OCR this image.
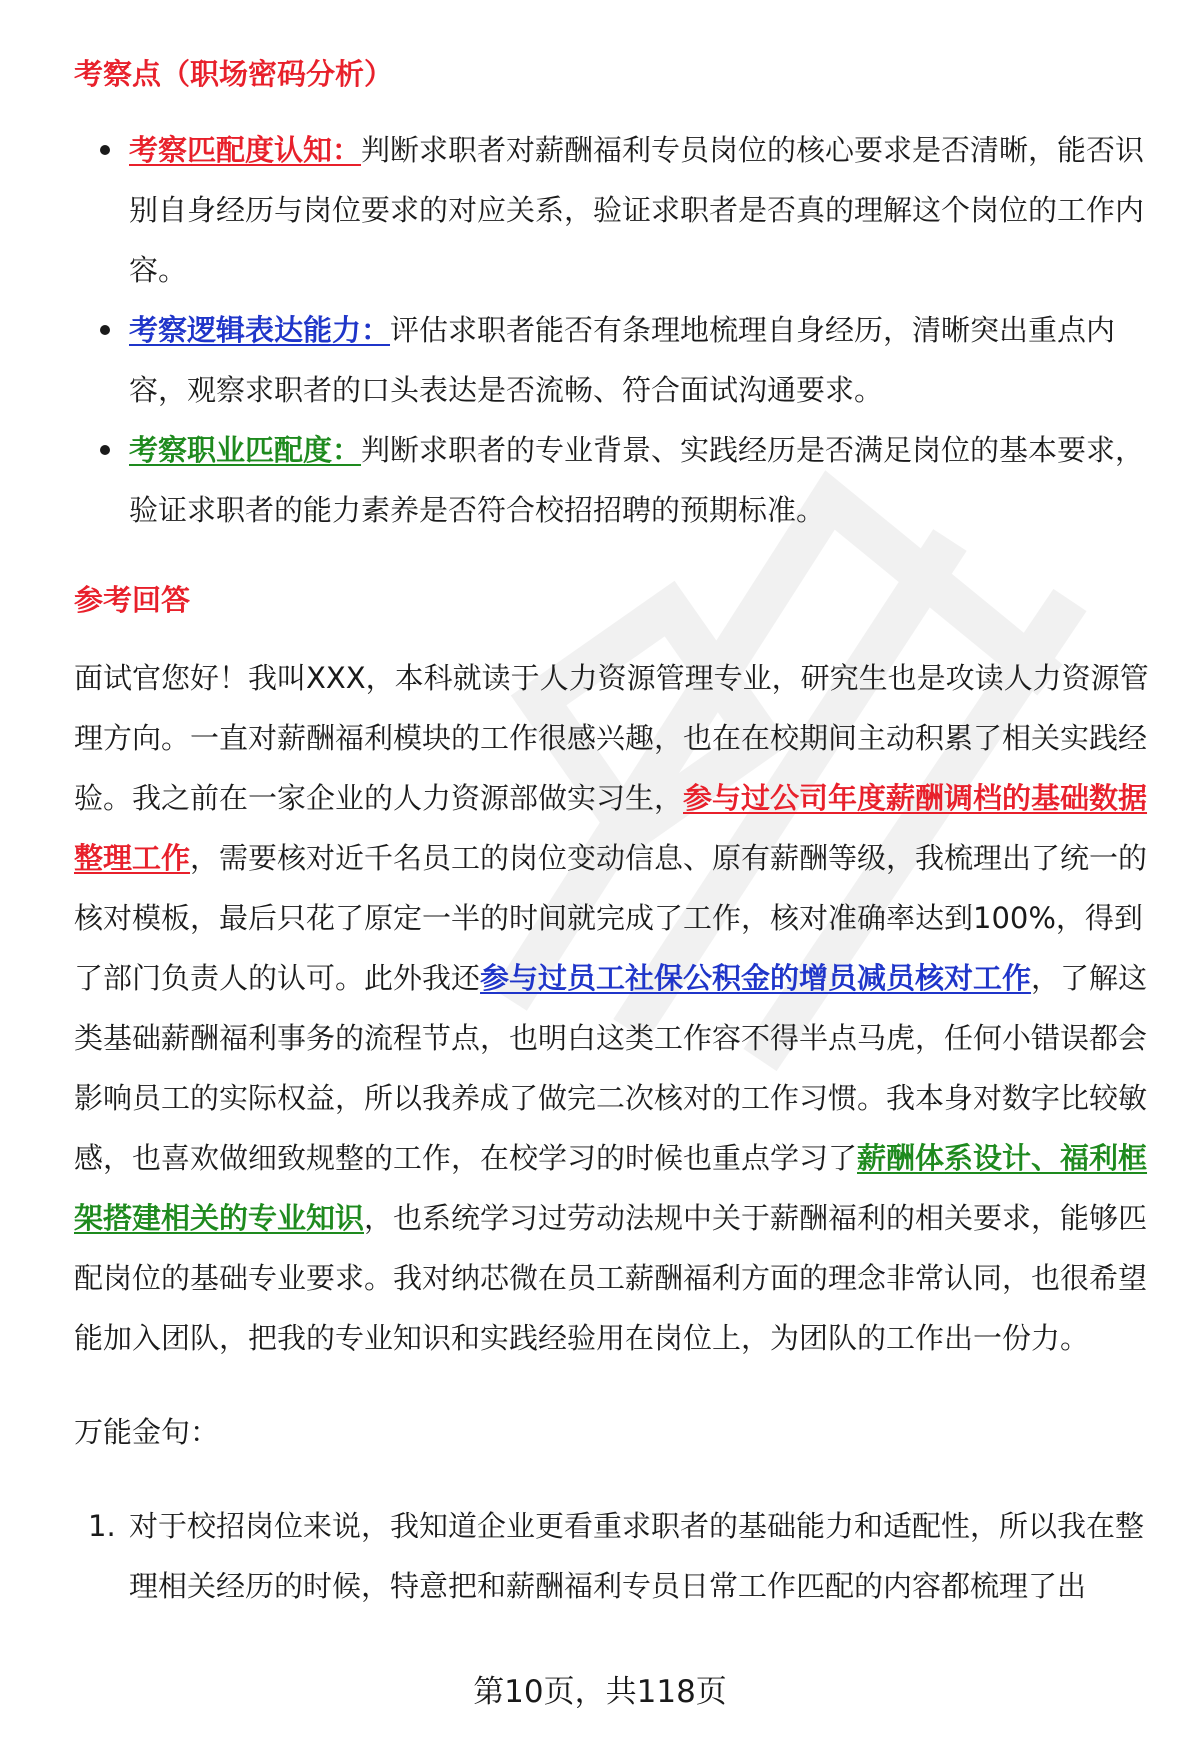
考察点（职场密码分析）
考察匹配度认知：判断求职者对薪酬福利专员岗位的核心要求是否清晰，能否识别自身经历与岗位要求的对应关系，验证求职者是否真的理解这个岗位的工作内容。
考察逻辑表达能力：评估求职者能否有条理地梳理自身经历，清晰突出重点内容，观察求职者的口头表达是否流畅、符合面试沟通要求。
考察职业匹配度：判断求职者的专业背景、实践经历是否满足岗位的基本要求，验证求职者的能力素养是否符合校招招聘的预期标准。
参考回答

面试官您好！我叫XXX，本科就读于人力资源管理专业，研究生也是攻读人力资源管理方向。一直对薪酬福利模块的工作很感兴趣，也在在校期间主动积累了相关实践经验。我之前在一家企业的人力资源部做实习生，参与过公司年度薪酬调档的基础数据整理工作，需要核对近千名员工的岗位变动信息、原有薪酬等级，我梳理出了统一的核对模板，最后只花了原定一半的时间就完成了工作，核对准确率达到100%，得到了部门负责人的认可。此外我还参与过员工社保公积金的增员减员核对工作，了解这类基础薪酬福利事务的流程节点，也明白这类工作容不得半点马虎，任何小错误都会影响员工的实际权益，所以我养成了做完二次核对的工作习惯。我本身对数字比较敏感，也喜欢做细致规整的工作，在校学习的时候也重点学习了薪酬体系设计、福利框架搭建相关的专业知识，也系统学习过劳动法规中关于薪酬福利的相关要求，能够匹配岗位的基础专业要求。我对纳芯微在员工薪酬福利方面的理念非常认同，也很希望能加入团队，把我的专业知识和实践经验用在岗位上，为团队的工作出一份力。

万能金句：

1. 对于校招岗位来说，我知道企业更看重求职者的基础能力和适配性，所以我在整理相关经历的时候，特意把和薪酬福利专员日常工作匹配的内容都梳理了出
第10页，共118页
